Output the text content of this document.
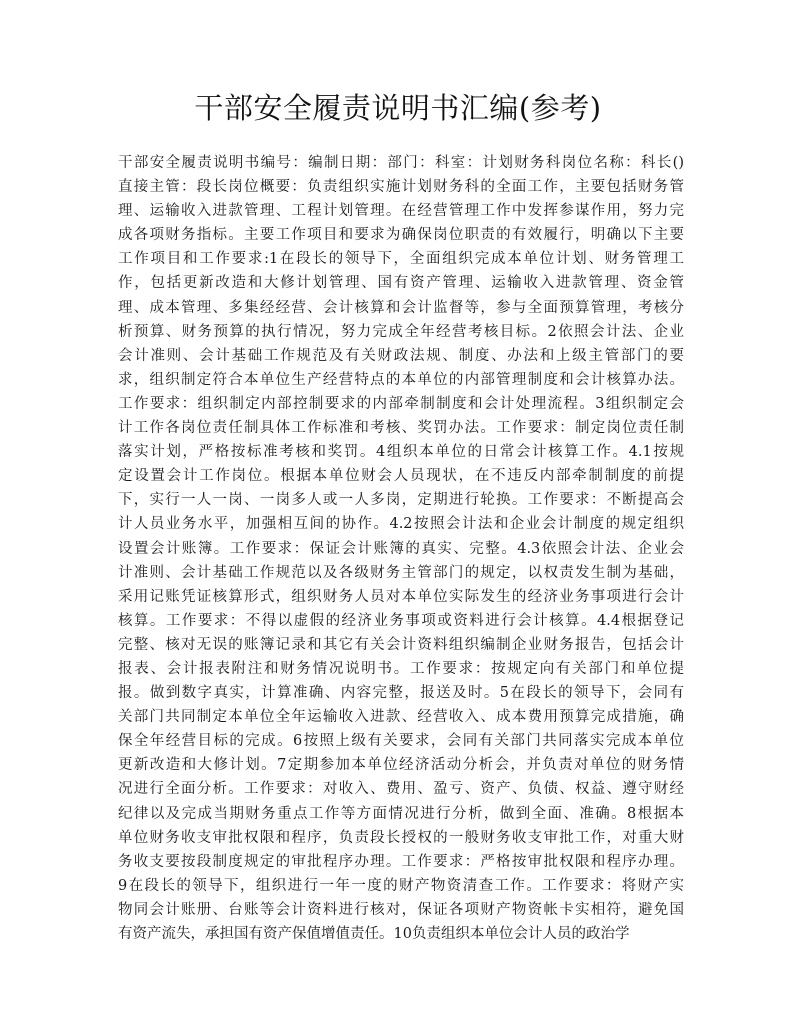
干部安全履责说明书汇编(参考)
干部安全履责说明书编号：编制日期：部门：科室：计划财务科岗位名称：科长()
直接主管：段长岗位概要：负责组织实施计划财务科的全面工作，主要包括财务管
理、运输收入进款管理、工程计划管理。在经营管理工作中发挥参谋作用，努力完
成各项财务指标。主要工作项目和要求为确保岗位职责的有效履行，明确以下主要
工作项目和工作要求:1在段长的领导下，全面组织完成本单位计划、财务管理工
作，包括更新改造和大修计划管理、国有资产管理、运输收入进款管理、资金管
理、成本管理、多集经经营、会计核算和会计监督等，参与全面预算管理，考核分
析预算、财务预算的执行情况，努力完成全年经营考核目标。2依照会计法、企业
会计准则、会计基础工作规范及有关财政法规、制度、办法和上级主管部门的要
求，组织制定符合本单位生产经营特点的本单位的内部管理制度和会计核算办法。
工作要求：组织制定内部控制要求的内部牵制制度和会计处理流程。3组织制定会
计工作各岗位责任制具体工作标准和考核、奖罚办法。工作要求：制定岗位责任制
落实计划，严格按标准考核和奖罚。4组织本单位的日常会计核算工作。4.1按规
定设置会计工作岗位。根据本单位财会人员现状，在不违反内部牵制制度的前提
下，实行一人一岗、一岗多人或一人多岗，定期进行轮换。工作要求：不断提高会
计人员业务水平，加强相互间的协作。4.2按照会计法和企业会计制度的规定组织
设置会计账簿。工作要求：保证会计账簿的真实、完整。4.3依照会计法、企业会
计准则、会计基础工作规范以及各级财务主管部门的规定，以权责发生制为基础，
采用记账凭证核算形式，组织财务人员对本单位实际发生的经济业务事项进行会计
核算。工作要求：不得以虚假的经济业务事项或资料进行会计核算。4.4根据登记
完整、核对无误的账簿记录和其它有关会计资料组织编制企业财务报告，包括会计
报表、会计报表附注和财务情况说明书。工作要求：按规定向有关部门和单位提
报。做到数字真实，计算准确、内容完整，报送及时。5在段长的领导下，会同有
关部门共同制定本单位全年运输收入进款、经营收入、成本费用预算完成措施，确
保全年经营目标的完成。6按照上级有关要求，会同有关部门共同落实完成本单位
更新改造和大修计划。7定期参加本单位经济活动分析会，并负责对单位的财务情
况进行全面分析。工作要求：对收入、费用、盈亏、资产、负债、权益、遵守财经
纪律以及完成当期财务重点工作等方面情况进行分析，做到全面、准确。8根据本
单位财务收支审批权限和程序，负责段长授权的一般财务收支审批工作，对重大财
务收支要按段制度规定的审批程序办理。工作要求：严格按审批权限和程序办理。
9在段长的领导下，组织进行一年一度的财产物资清查工作。工作要求：将财产实
物同会计账册、台账等会计资料进行核对，保证各项财产物资帐卡实相符，避免国
有资产流失，承担国有资产保值增值责任。10负责组织本单位会计人员的政治学
